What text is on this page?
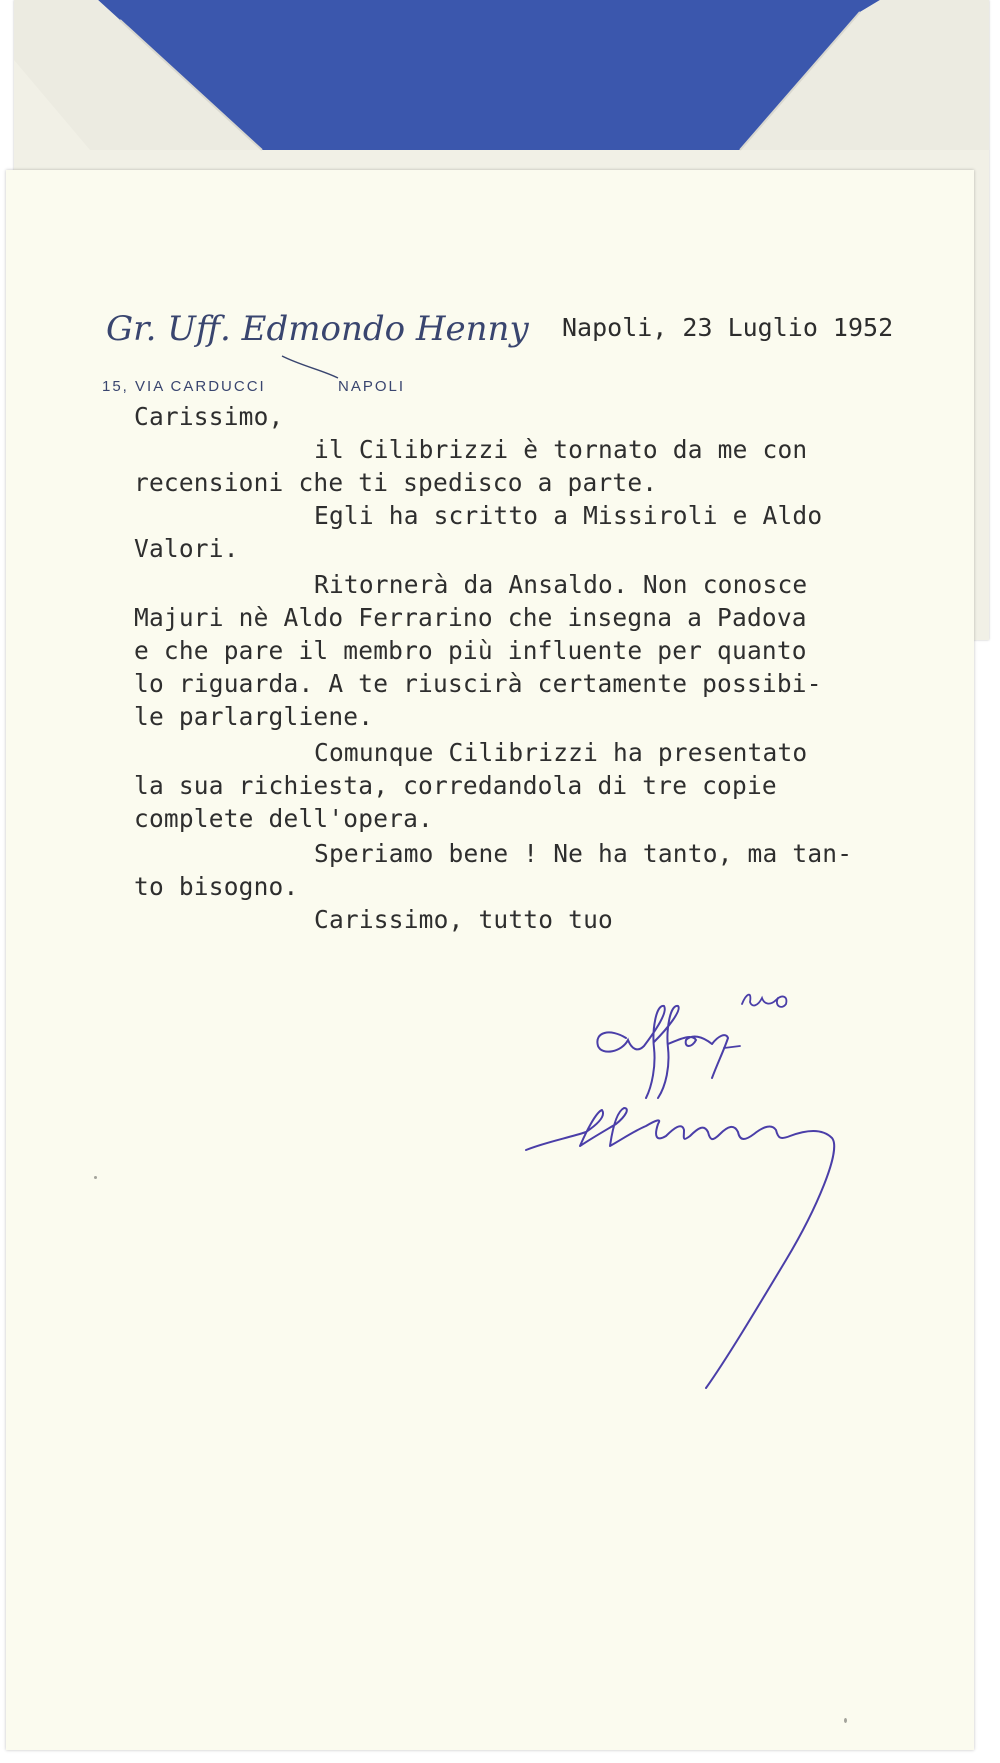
Gr. Uff. Edmondo Henny
15, VIA CARDUCCI	NAPOLI
Napoli, 23 Luglio 1952
Carissimo,
il Cilibrizzi è tornato da me con
recensioni che ti spedisco a parte.
Egli ha scritto a Missiroli e Aldo
Valori.
Ritornerà da Ansaldo. Non conosce
Majuri nè Aldo Ferrarino che insegna a Padova
e che pare il membro più influente per quanto
lo riguarda. A te riuscirà certamente possibi-
le parlargliene.
Comunque Cilibrizzi ha presentato
la sua richiesta, corredandola di tre copie
complete dell'opera.
Speriamo bene ! Ne ha tanto, ma tan-
to bisogno.
Carissimo, tutto tuo
